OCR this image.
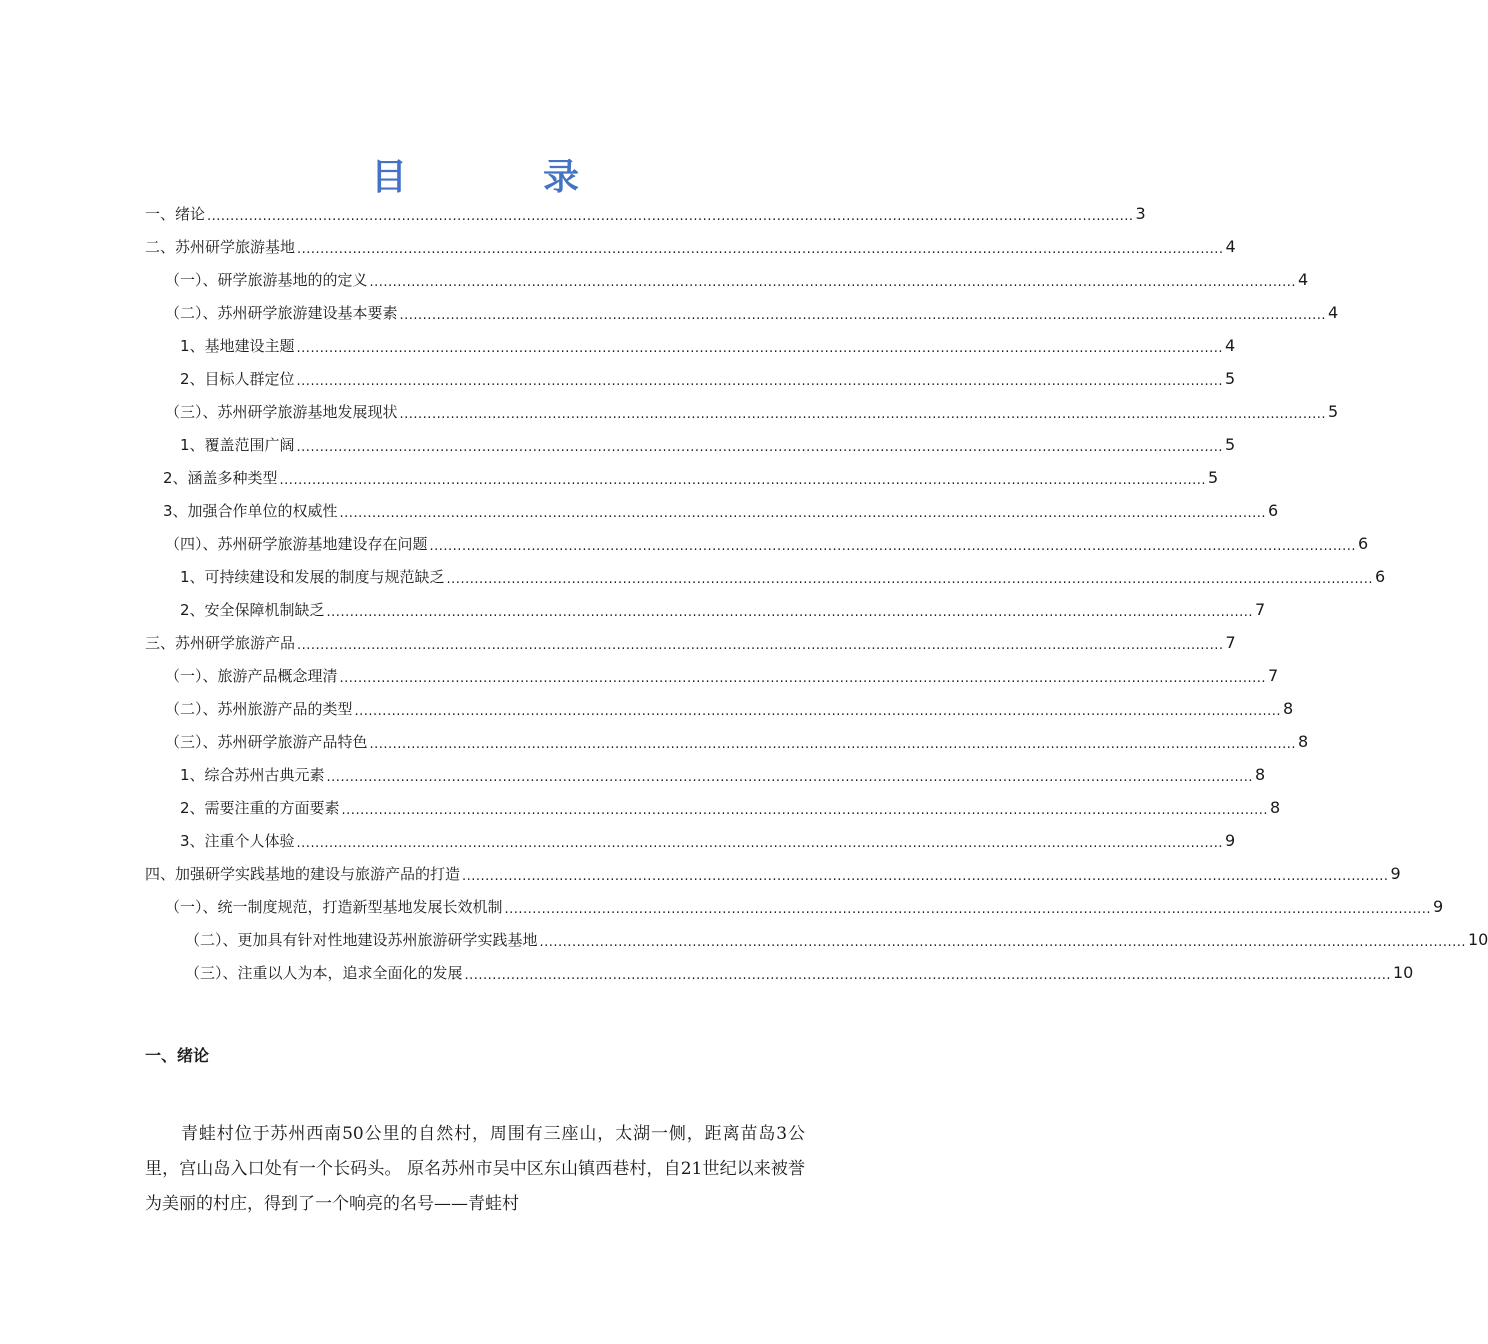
目　录
一、绪论 ........................................................................................................................................................................................................ 3
二、苏州研学旅游基地 ........................................................................................................................................................................................................ 4
（一）、研学旅游基地的的定义 ........................................................................................................................................................................................................ 4
（二）、苏州研学旅游建设基本要素 ........................................................................................................................................................................................................ 4
1、基地建设主题 ........................................................................................................................................................................................................ 4
2、目标人群定位 ........................................................................................................................................................................................................ 5
（三）、苏州研学旅游基地发展现状 ........................................................................................................................................................................................................ 5
1、覆盖范围广阔 ........................................................................................................................................................................................................ 5
2、涵盖多种类型 ........................................................................................................................................................................................................ 5
3、加强合作单位的权威性 ........................................................................................................................................................................................................ 6
（四）、苏州研学旅游基地建设存在问题 ........................................................................................................................................................................................................ 6
1、可持续建设和发展的制度与规范缺乏 ........................................................................................................................................................................................................ 6
2、安全保障机制缺乏 ........................................................................................................................................................................................................ 7
三、苏州研学旅游产品 ........................................................................................................................................................................................................ 7
（一）、旅游产品概念理清 ........................................................................................................................................................................................................ 7
（二）、苏州旅游产品的类型 ........................................................................................................................................................................................................ 8
（三）、苏州研学旅游产品特色 ........................................................................................................................................................................................................ 8
1、综合苏州古典元素 ........................................................................................................................................................................................................ 8
2、需要注重的方面要素 ........................................................................................................................................................................................................ 8
3、注重个人体验 ........................................................................................................................................................................................................ 9
四、加强研学实践基地的建设与旅游产品的打造 ........................................................................................................................................................................................................ 9
（一）、统一制度规范，打造新型基地发展长效机制 ........................................................................................................................................................................................................ 9
（二）、更加具有针对性地建设苏州旅游研学实践基地 ........................................................................................................................................................................................................ 10
（三）、注重以人为本，追求全面化的发展 ........................................................................................................................................................................................................ 10
一、绪论

青蛙村位于苏州西南50公里的自然村，周围有三座山，太湖一侧，距离苗岛3公里，宫山岛入口处有一个长码头。 原名苏州市吴中区东山镇西巷村，自21世纪以来被誉为美丽的村庄，得到了一个响亮的名号——青蛙村
